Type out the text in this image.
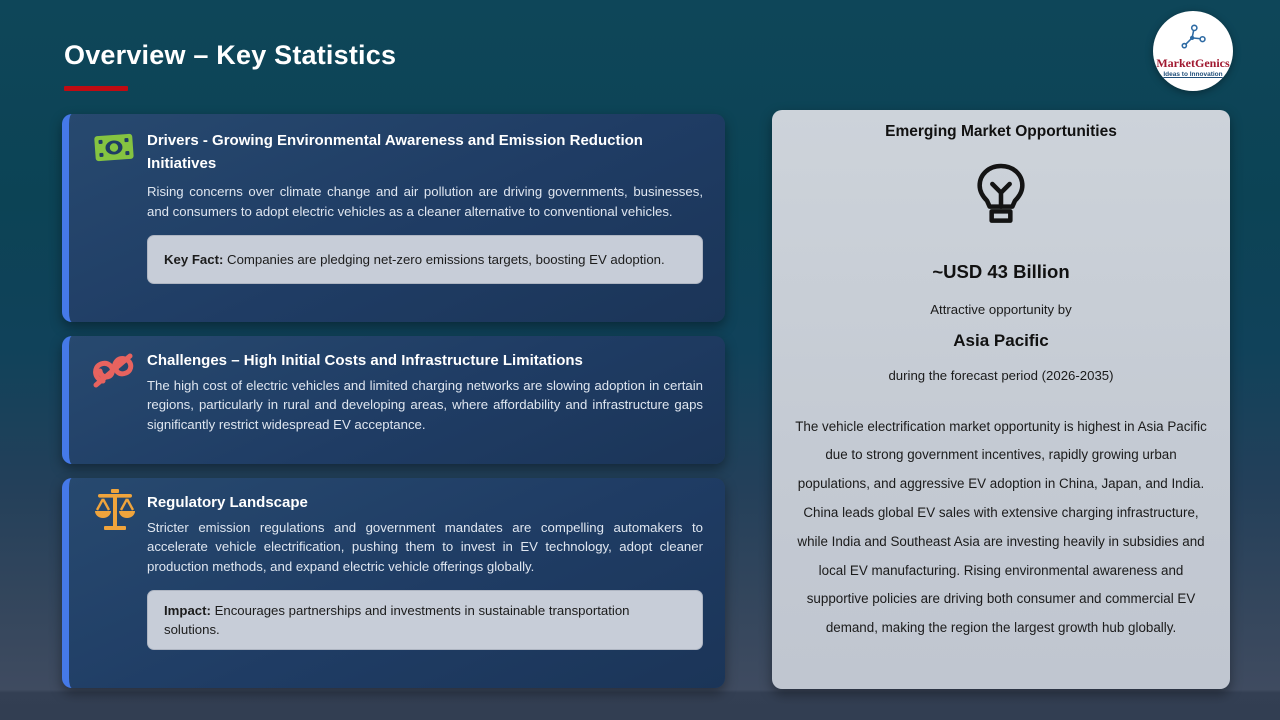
Overview – Key Statistics	MarketGenics
Ideas to Innovation

Drivers - Growing Environmental Awareness and Emission Reduction Initiatives

Rising concerns over climate change and air pollution are driving governments, businesses, and consumers to adopt electric vehicles as a cleaner alternative to conventional vehicles.

Key Fact: Companies are pledging net-zero emissions targets, boosting EV adoption.

Challenges – High Initial Costs and Infrastructure Limitations

The high cost of electric vehicles and limited charging networks are slowing adoption in certain regions, particularly in rural and developing areas, where affordability and infrastructure gaps significantly restrict widespread EV acceptance.

Regulatory Landscape

Stricter emission regulations and government mandates are compelling automakers to accelerate vehicle electrification, pushing them to invest in EV technology, adopt cleaner production methods, and expand electric vehicle offerings globally.

Impact: Encourages partnerships and investments in sustainable transportation solutions.

Emerging Market Opportunities

~USD 43 Billion

Attractive opportunity by

Asia Pacific

during the forecast period (2026-2035)

The vehicle electrification market opportunity is highest in Asia Pacific due to strong government incentives, rapidly growing urban populations, and aggressive EV adoption in China, Japan, and India. China leads global EV sales with extensive charging infrastructure, while India and Southeast Asia are investing heavily in subsidies and local EV manufacturing. Rising environmental awareness and supportive policies are driving both consumer and commercial EV demand, making the region the largest growth hub globally.
